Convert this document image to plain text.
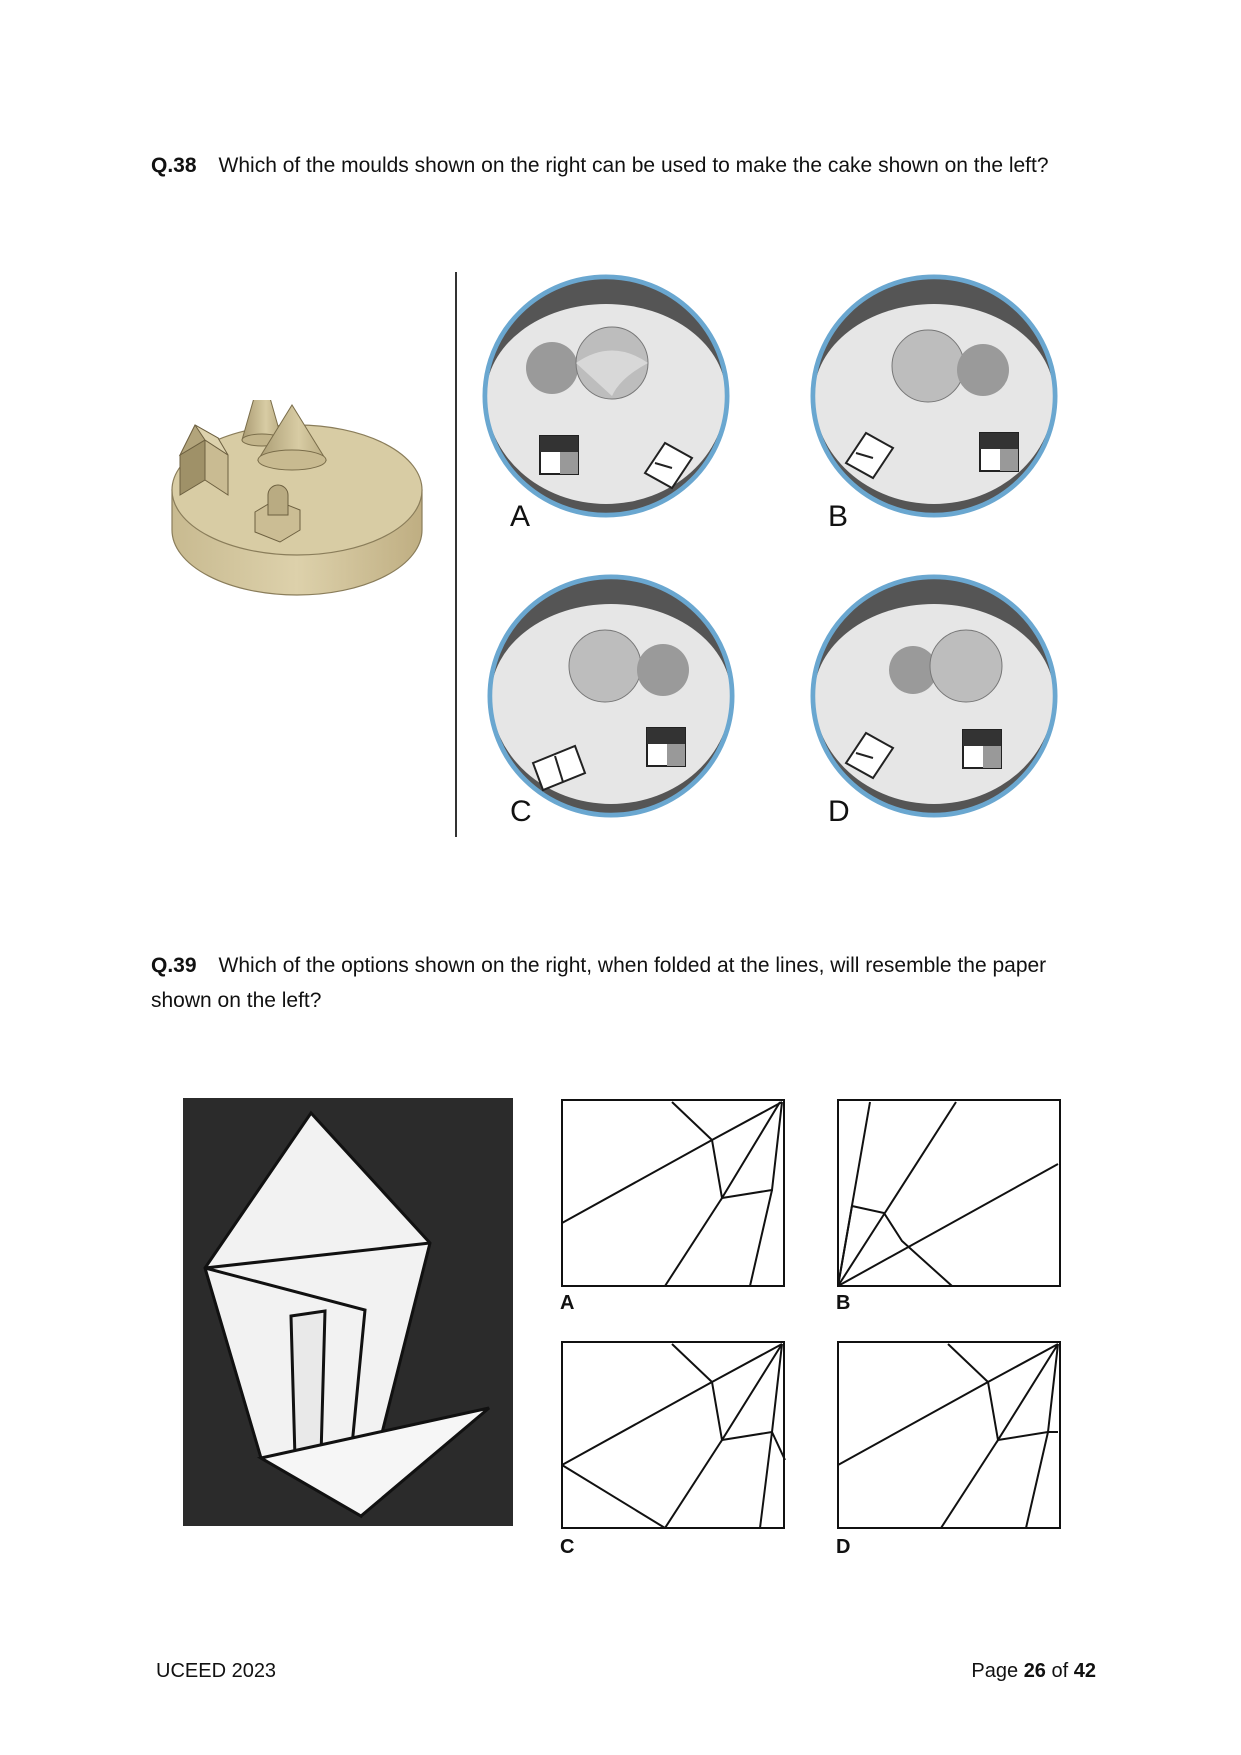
Q.38 Which of the moulds shown on the right can be used to make the cake shown on the left?
A	B
C	D
Q.39 Which of the options shown on the right, when folded at the lines, will resemble the paper shown on the left?
A	B
C	D
UCEED 2023	Page 26 of 42
